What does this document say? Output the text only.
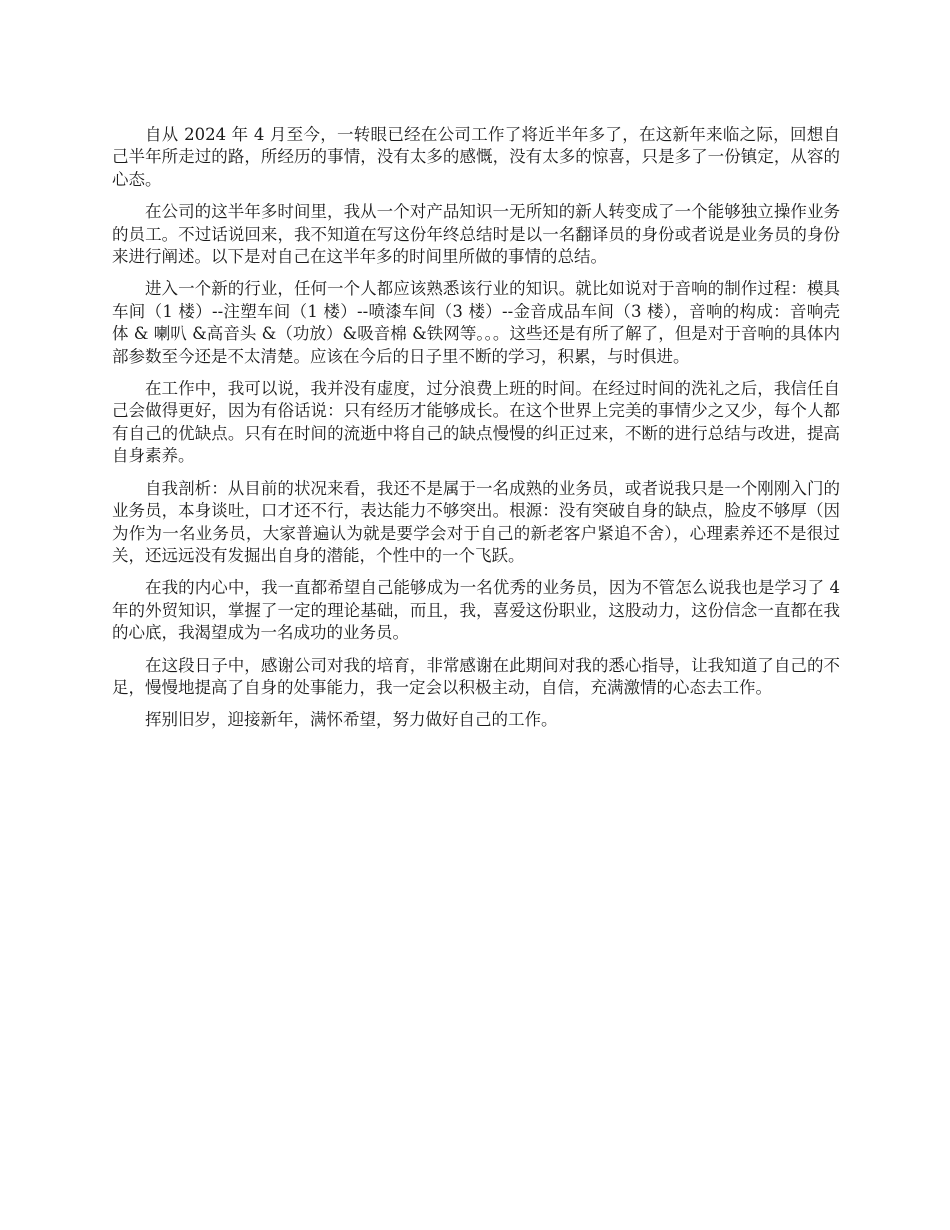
自从 2024 年 4 月至今，一转眼已经在公司工作了将近半年多了，在这新年来临之际，回想自己半年所走过的路，所经历的事情，没有太多的感慨，没有太多的惊喜，只是多了一份镇定，从容的心态。

在公司的这半年多时间里，我从一个对产品知识一无所知的新人转变成了一个能够独立操作业务的员工。不过话说回来，我不知道在写这份年终总结时是以一名翻译员的身份或者说是业务员的身份来进行阐述。以下是对自己在这半年多的时间里所做的事情的总结。

进入一个新的行业，任何一个人都应该熟悉该行业的知识。就比如说对于音响的制作过程：模具车间（1 楼）--注塑车间（1 楼）--喷漆车间（3 楼）--金音成品车间（3 楼），音响的构成：音响壳体 & 喇叭 &高音头 &（功放）&吸音棉 &铁网等。。。这些还是有所了解了，但是对于音响的具体内部参数至今还是不太清楚。应该在今后的日子里不断的学习，积累，与时俱进。

在工作中，我可以说，我并没有虚度，过分浪费上班的时间。在经过时间的洗礼之后，我信任自己会做得更好，因为有俗话说：只有经历才能够成长。在这个世界上完美的事情少之又少，每个人都有自己的优缺点。只有在时间的流逝中将自己的缺点慢慢的纠正过来，不断的进行总结与改进，提高自身素养。

自我剖析：从目前的状况来看，我还不是属于一名成熟的业务员，或者说我只是一个刚刚入门的业务员，本身谈吐，口才还不行，表达能力不够突出。根源：没有突破自身的缺点，脸皮不够厚（因为作为一名业务员，大家普遍认为就是要学会对于自己的新老客户紧追不舍），心理素养还不是很过关，还远远没有发掘出自身的潜能，个性中的一个飞跃。

在我的内心中，我一直都希望自己能够成为一名优秀的业务员，因为不管怎么说我也是学习了 4 年的外贸知识，掌握了一定的理论基础，而且，我，喜爱这份职业，这股动力，这份信念一直都在我的心底，我渴望成为一名成功的业务员。

在这段日子中，感谢公司对我的培育，非常感谢在此期间对我的悉心指导，让我知道了自己的不足，慢慢地提高了自身的处事能力，我一定会以积极主动，自信，充满激情的心态去工作。

挥别旧岁，迎接新年，满怀希望，努力做好自己的工作。
